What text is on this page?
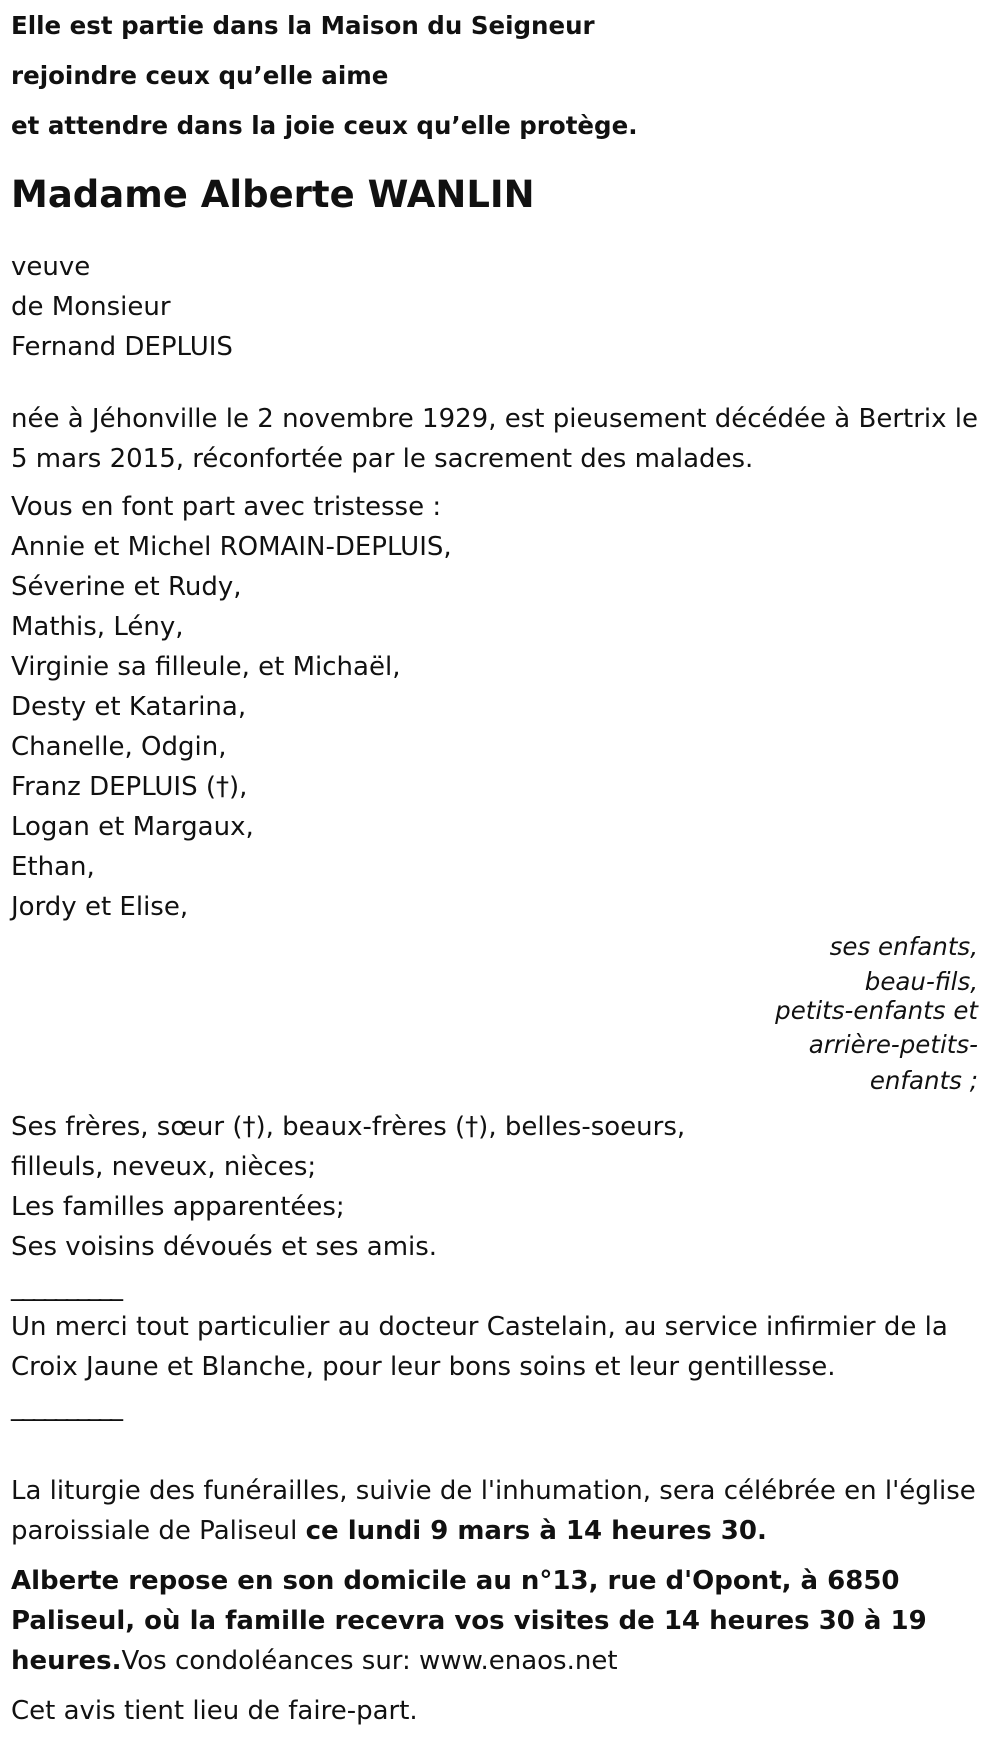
Elle est partie dans la Maison du Seigneur
rejoindre ceux qu’elle aime
et attendre dans la joie ceux qu’elle protège.
Madame Alberte WANLIN
veuve
de Monsieur
Fernand DEPLUIS
née à Jéhonville le 2 novembre 1929, est pieusement décédée à Bertrix le 5 mars 2015, réconfortée par le sacrement des malades.
Vous en font part avec tristesse :
Annie et Michel ROMAIN-DEPLUIS,
Séverine et Rudy,
Mathis, Lény,
Virginie sa filleule, et Michaël,
Desty et Katarina,
Chanelle, Odgin,
Franz DEPLUIS (†),
Logan et Margaux,
Ethan,
Jordy et Elise,
ses enfants,
beau-fils,
petits-enfants et
arrière-petits-
enfants ;
Ses frères, sœur (†), beaux-frères (†), belles-soeurs,
filleuls, neveux, nièces;
Les familles apparentées;
Ses voisins dévoués et ses amis.
__________
Un merci tout particulier au docteur Castelain, au service infirmier de la Croix Jaune et Blanche, pour leur bons soins et leur gentillesse.
__________
La liturgie des funérailles, suivie de l'inhumation, sera célébrée en l'église paroissiale de Paliseul ce lundi 9 mars à 14 heures 30.
Alberte repose en son domicile au n°13, rue d'Opont, à 6850 Paliseul, où la famille recevra vos visites de 14 heures 30 à 19 heures.Vos condoléances sur: www.enaos.net
Cet avis tient lieu de faire-part.
